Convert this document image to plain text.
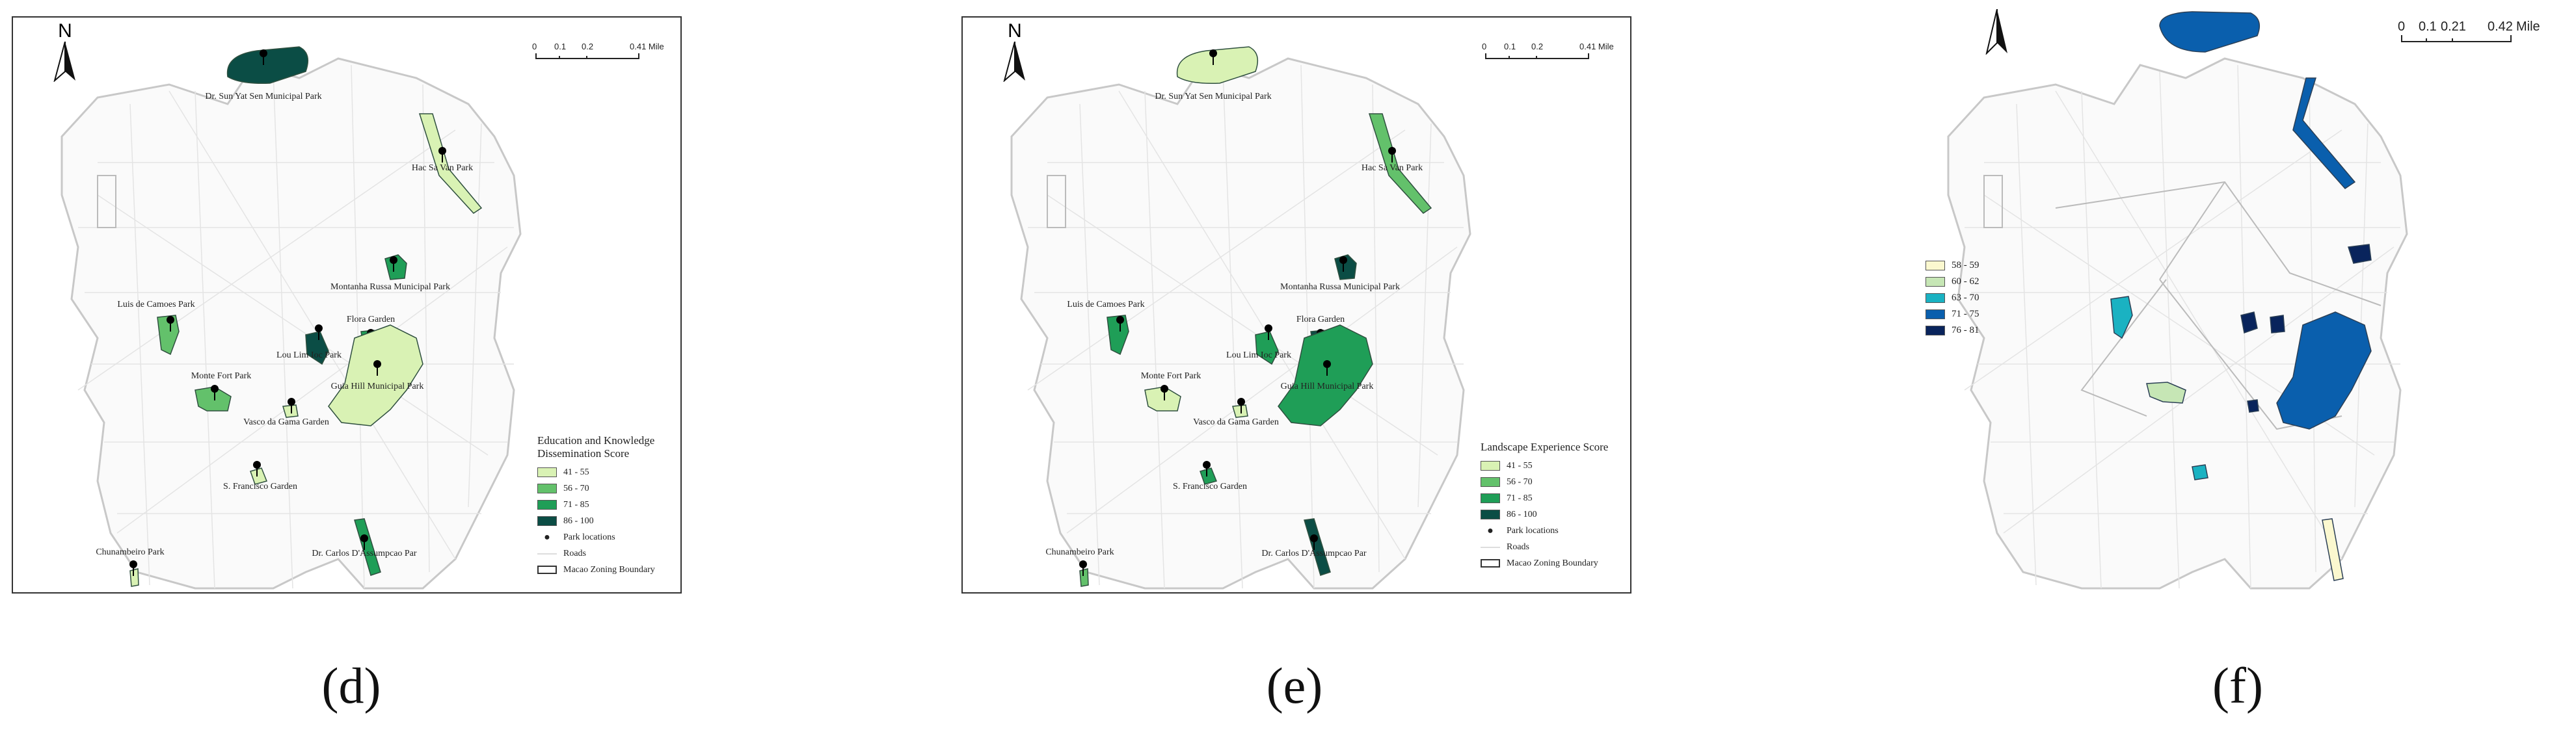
Dr. Sun Yat Sen Municipal Park
Hac Sa Van Park
Montanha Russa Municipal Park
Luis de Camoes Park
Flora Garden
Lou Lim Ioc Park
Monte Fort Park
Guia Hill Municipal Park
Vasco da Gama Garden
S. Francisco Garden
Chunambeiro Park	Dr. Carlos D'Assumpcao Par
N
0 0.1 0.2	0.41 Mile
Education and Knowledge Dissemination Score
41 - 55
56 - 70
71 - 85
86 - 100
●	Park locations
Roads
Macao Zoning Boundary
(d)
Dr. Sun Yat Sen Municipal Park
Hac Sa Van Park
Montanha Russa Municipal Park
Luis de Camoes Park
Flora Garden
Lou Lim Ioc Park
Monte Fort Park
Guia Hill Municipal Park
Vasco da Gama Garden
S. Francisco Garden
Chunambeiro Park	Dr. Carlos D'Assumpcao Par
N
0 0.1 0.2	0.41 Mile
Landscape Experience Score
41 - 55
56 - 70
71 - 85
86 - 100
●	Park locations
Roads
Macao Zoning Boundary
(e)
0 0.1 0.21 0.42 Mile
58 - 59
60 - 62
63 - 70
71 - 75
76 - 81
(f)
